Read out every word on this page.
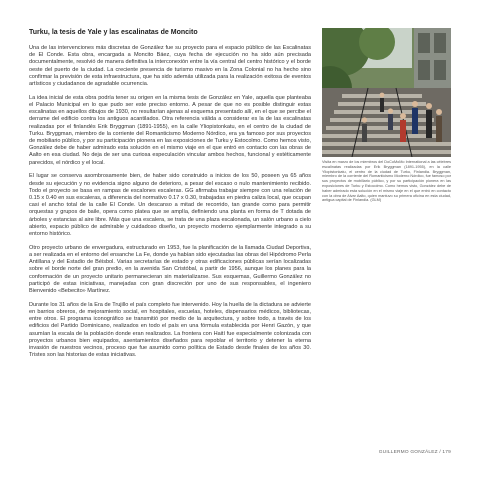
Turku, la tesis de Yale y las escalinatas de Moncito

Una de las intervenciones más discretas de González fue su proyecto para el espacio público de las Escalinatas de El Conde. Esta obra, encargada a Moncito Báez, cuya fecha de ejecución no ha sido aún precisada documentalmente, resolvió de manera definitiva la interconexión entre la vía central del centro histórico y el borde oeste del puerto de la ciudad. La creciente presencia de turismo masivo en la Zona Colonial no ha hecho sino confirmar la previsión de esta infraestructura, que ha sido además utilizada para la realización exitosa de eventos artísticos y ciudadanos de agradable ocurrencia.

La idea inicial de esta obra podría tener su origen en la misma tesis de González en Yale, aquella que planteaba el Palacio Municipal en lo que pudo ser este preciso entorno. A pesar de que no es posible distinguir estas escalinatas en aquellos dibujos de 1930, no resultarían ajenas al esquema presentado allí, en el que se percibe el derrame del edificio contra los antiguos acantilados. Otra referencia válida a considerar es la de las escalinatas realizadas por el finlandés Erik Bryggman (1891-1955), en la calle Yliopistonkatu, en el centro de la ciudad de Turku. Bryggman, miembro de la corriente del Romanticismo Moderno Nórdico, era ya famoso por sus proyectos de mobiliario público, y por su participación pionera en las exposiciones de Turku y Estocolmo. Como hemos visto, González debe de haber admirado esta solución en el mismo viaje en el que entró en contacto con las obras de Aalto en esa ciudad. No deja de ser una curiosa especulación vincular ambos hechos, funcional y estéticamente parecidos, el nórdico y el local.

El lugar se conserva asombrosamente bien, de haber sido construido a inicios de los 50, poseen ya 65 años desde su ejecución y no evidencia signo alguno de deterioro, a pesar del escaso o nulo mantenimiento recibido. Todo el proyecto se basa en rampas de escalones escaleras. GG afirmaba trabajar siempre con una relación de 0.15 x 0.40 en sus escaleras, a diferencia del normativo 0.17 x 0.30, trabajadas en piedra caliza local, que ocupan casi el ancho total de la calle El Conde. Un descanso a mitad de recorrido, tan grande como para permitir orquestas y grupos de baile, opera como platea que se amplía, definiendo una planta en forma de T dotada de árboles y estancias al aire libre. Más que una escalera, se trata de una plaza escalonada, un salón urbano a cielo abierto, espacio público de admirable y cuidadoso diseño, un proyecto moderno ejemplarmente integrado a su entorno histórico.

Otro proyecto urbano de envergadura, estructurado en 1953, fue la planificación de la llamada Ciudad Deportiva, a ser realizada en el entorno del ensanche La Fe, donde ya habían sido ejecutadas las obras del Hipódromo Perla Antillana y del Estadio de Béisbol. Varias secretarías de estado y otras edificaciones públicas serían localizadas sobre el borde norte del gran predio, en la avenida San Cristóbal, a partir de 1956, aunque los planes para la conformación de un proyecto unitario permanecieran sin materializarse. Sus esquemas, Guillermo González no participó de estas iniciativas, manejadas con gran discreción por uno de sus responsables, el ingeniero Bienvenido «Bebecito» Martínez.

Durante los 31 años de la Era de Trujillo el país completo fue intervenido. Hoy la huella de la dictadura se advierte en barrios obreros, de mejoramiento social, en hospitales, escuelas, hoteles, dispensarios médicos, bibliotecas, entre otros. El programa iconográfico se transmitió por medio de la arquitectura, y sobre todo, a través de los edificios del Partido Dominicano, realizados en todo el país en una fórmula establecida por Henri Gazón, y que asumían la escala de la población donde eran realizados. La frontera con Haití fue especialmente colonizada con proyectos urbanos bien equipados, asentamientos diseñados para repoblar el territorio y detener la eterna invasión de nuestros vecinos, proceso que fue asumido como política de Estado desde finales de los años 30. Tristes son las historias de estas iniciativas.

Visita en marzo de los miembros del DoCoMoMo International a las célebres escalinatas realizadas por Erik Bryggman (1891-1955), en la calle Yliopistonkatu, el centro de la ciudad de Turku, Finlandia. Bryggman, miembro de la corriente del Romanticismo Moderno Nórdico, fue famoso por sus proyectos de mobiliario público, y por su participación pionera en las exposiciones de Turku y Estocolmo. Como hemos visto, González debe de haber admirado esta solución en el mismo viaje en el que entró en contacto con la obra de Alvar Aalto, quien mantuvo su primera oficina en esta ciudad, antigua capital de Finlandia. (GLM)

GUILLERMO GONZÁLEZ / 179
